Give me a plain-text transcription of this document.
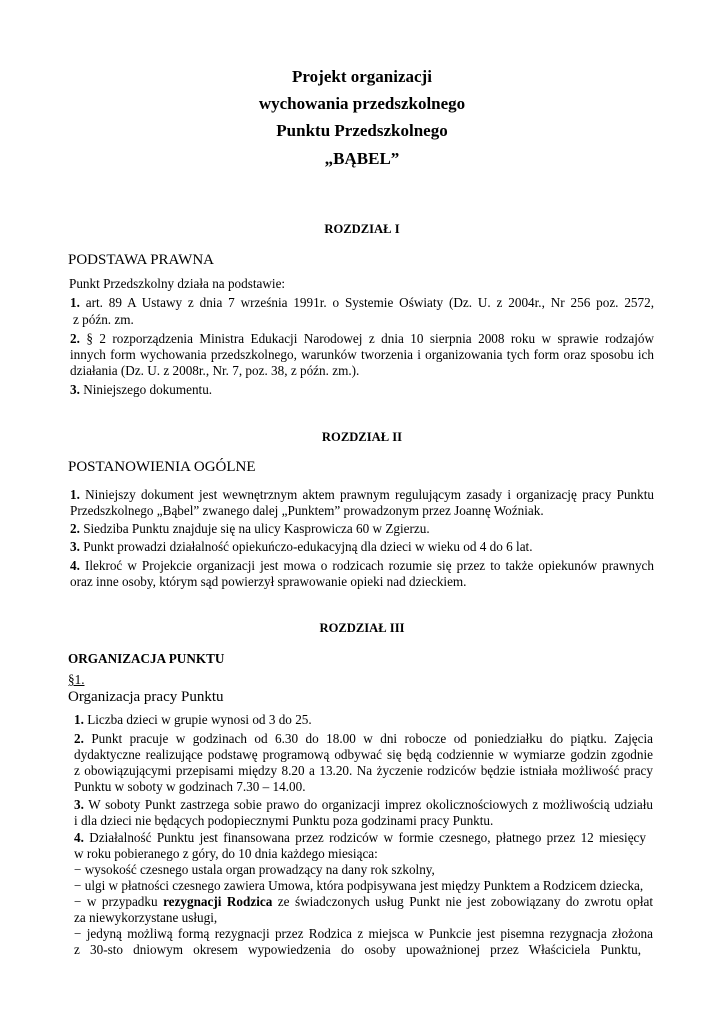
Projekt organizacji
wychowania przedszkolnego
Punktu Przedszkolnego
„BĄBEL”
ROZDZIAŁ I
PODSTAWA PRAWNA
Punkt Przedszkolny działa na podstawie:
1. art. 89 A Ustawy z dnia 7 września 1991r. o Systemie Oświaty (Dz. U. z 2004r., Nr 256 poz. 2572,
z późn. zm.
2. § 2 rozporządzenia Ministra Edukacji Narodowej z dnia 10 sierpnia 2008 roku w sprawie rodzajów
innych form wychowania przedszkolnego, warunków tworzenia i organizowania tych form oraz sposobu ich
działania (Dz. U. z 2008r., Nr. 7, poz. 38, z późn. zm.).
3. Niniejszego dokumentu.
ROZDZIAŁ II
POSTANOWIENIA OGÓLNE
1. Niniejszy dokument jest wewnętrznym aktem prawnym regulującym zasady i organizację pracy Punktu
Przedszkolnego „Bąbel” zwanego dalej „Punktem” prowadzonym przez Joannę Woźniak.
2. Siedziba Punktu znajduje się na ulicy Kasprowicza 60 w Zgierzu.
3. Punkt prowadzi działalność opiekuńczo-edukacyjną dla dzieci w wieku od 4 do 6 lat.
4. Ilekroć w Projekcie organizacji jest mowa o rodzicach rozumie się przez to także opiekunów prawnych
oraz inne osoby, którym sąd powierzył sprawowanie opieki nad dzieckiem.
ROZDZIAŁ III
ORGANIZACJA PUNKTU
§1.
Organizacja pracy Punktu
1. Liczba dzieci w grupie wynosi od 3 do 25.
2. Punkt pracuje w godzinach od 6.30 do 18.00 w dni robocze od poniedziałku do piątku. Zajęcia
dydaktyczne realizujące podstawę programową odbywać się będą codziennie w wymiarze godzin zgodnie
z obowiązującymi przepisami między 8.20 a 13.20. Na życzenie rodziców będzie istniała możliwość pracy
Punktu w soboty w godzinach 7.30 – 14.00.
3. W soboty Punkt zastrzega sobie prawo do organizacji imprez okolicznościowych z możliwością udziału
i dla dzieci nie będących podopiecznymi Punktu poza godzinami pracy Punktu.
4. Działalność Punktu jest finansowana przez rodziców w formie czesnego, płatnego przez 12 miesięcy
w roku pobieranego z góry, do 10 dnia każdego miesiąca:
− wysokość czesnego ustala organ prowadzący na dany rok szkolny,
− ulgi w płatności czesnego zawiera Umowa, która podpisywana jest między Punktem a Rodzicem dziecka,
− w przypadku rezygnacji Rodzica ze świadczonych usług Punkt nie jest zobowiązany do zwrotu opłat
za niewykorzystane usługi,
− jedyną możliwą formą rezygnacji przez Rodzica z miejsca w Punkcie jest pisemna rezygnacja złożona
z 30-sto dniowym okresem wypowiedzenia do osoby upoważnionej przez Właściciela Punktu,
